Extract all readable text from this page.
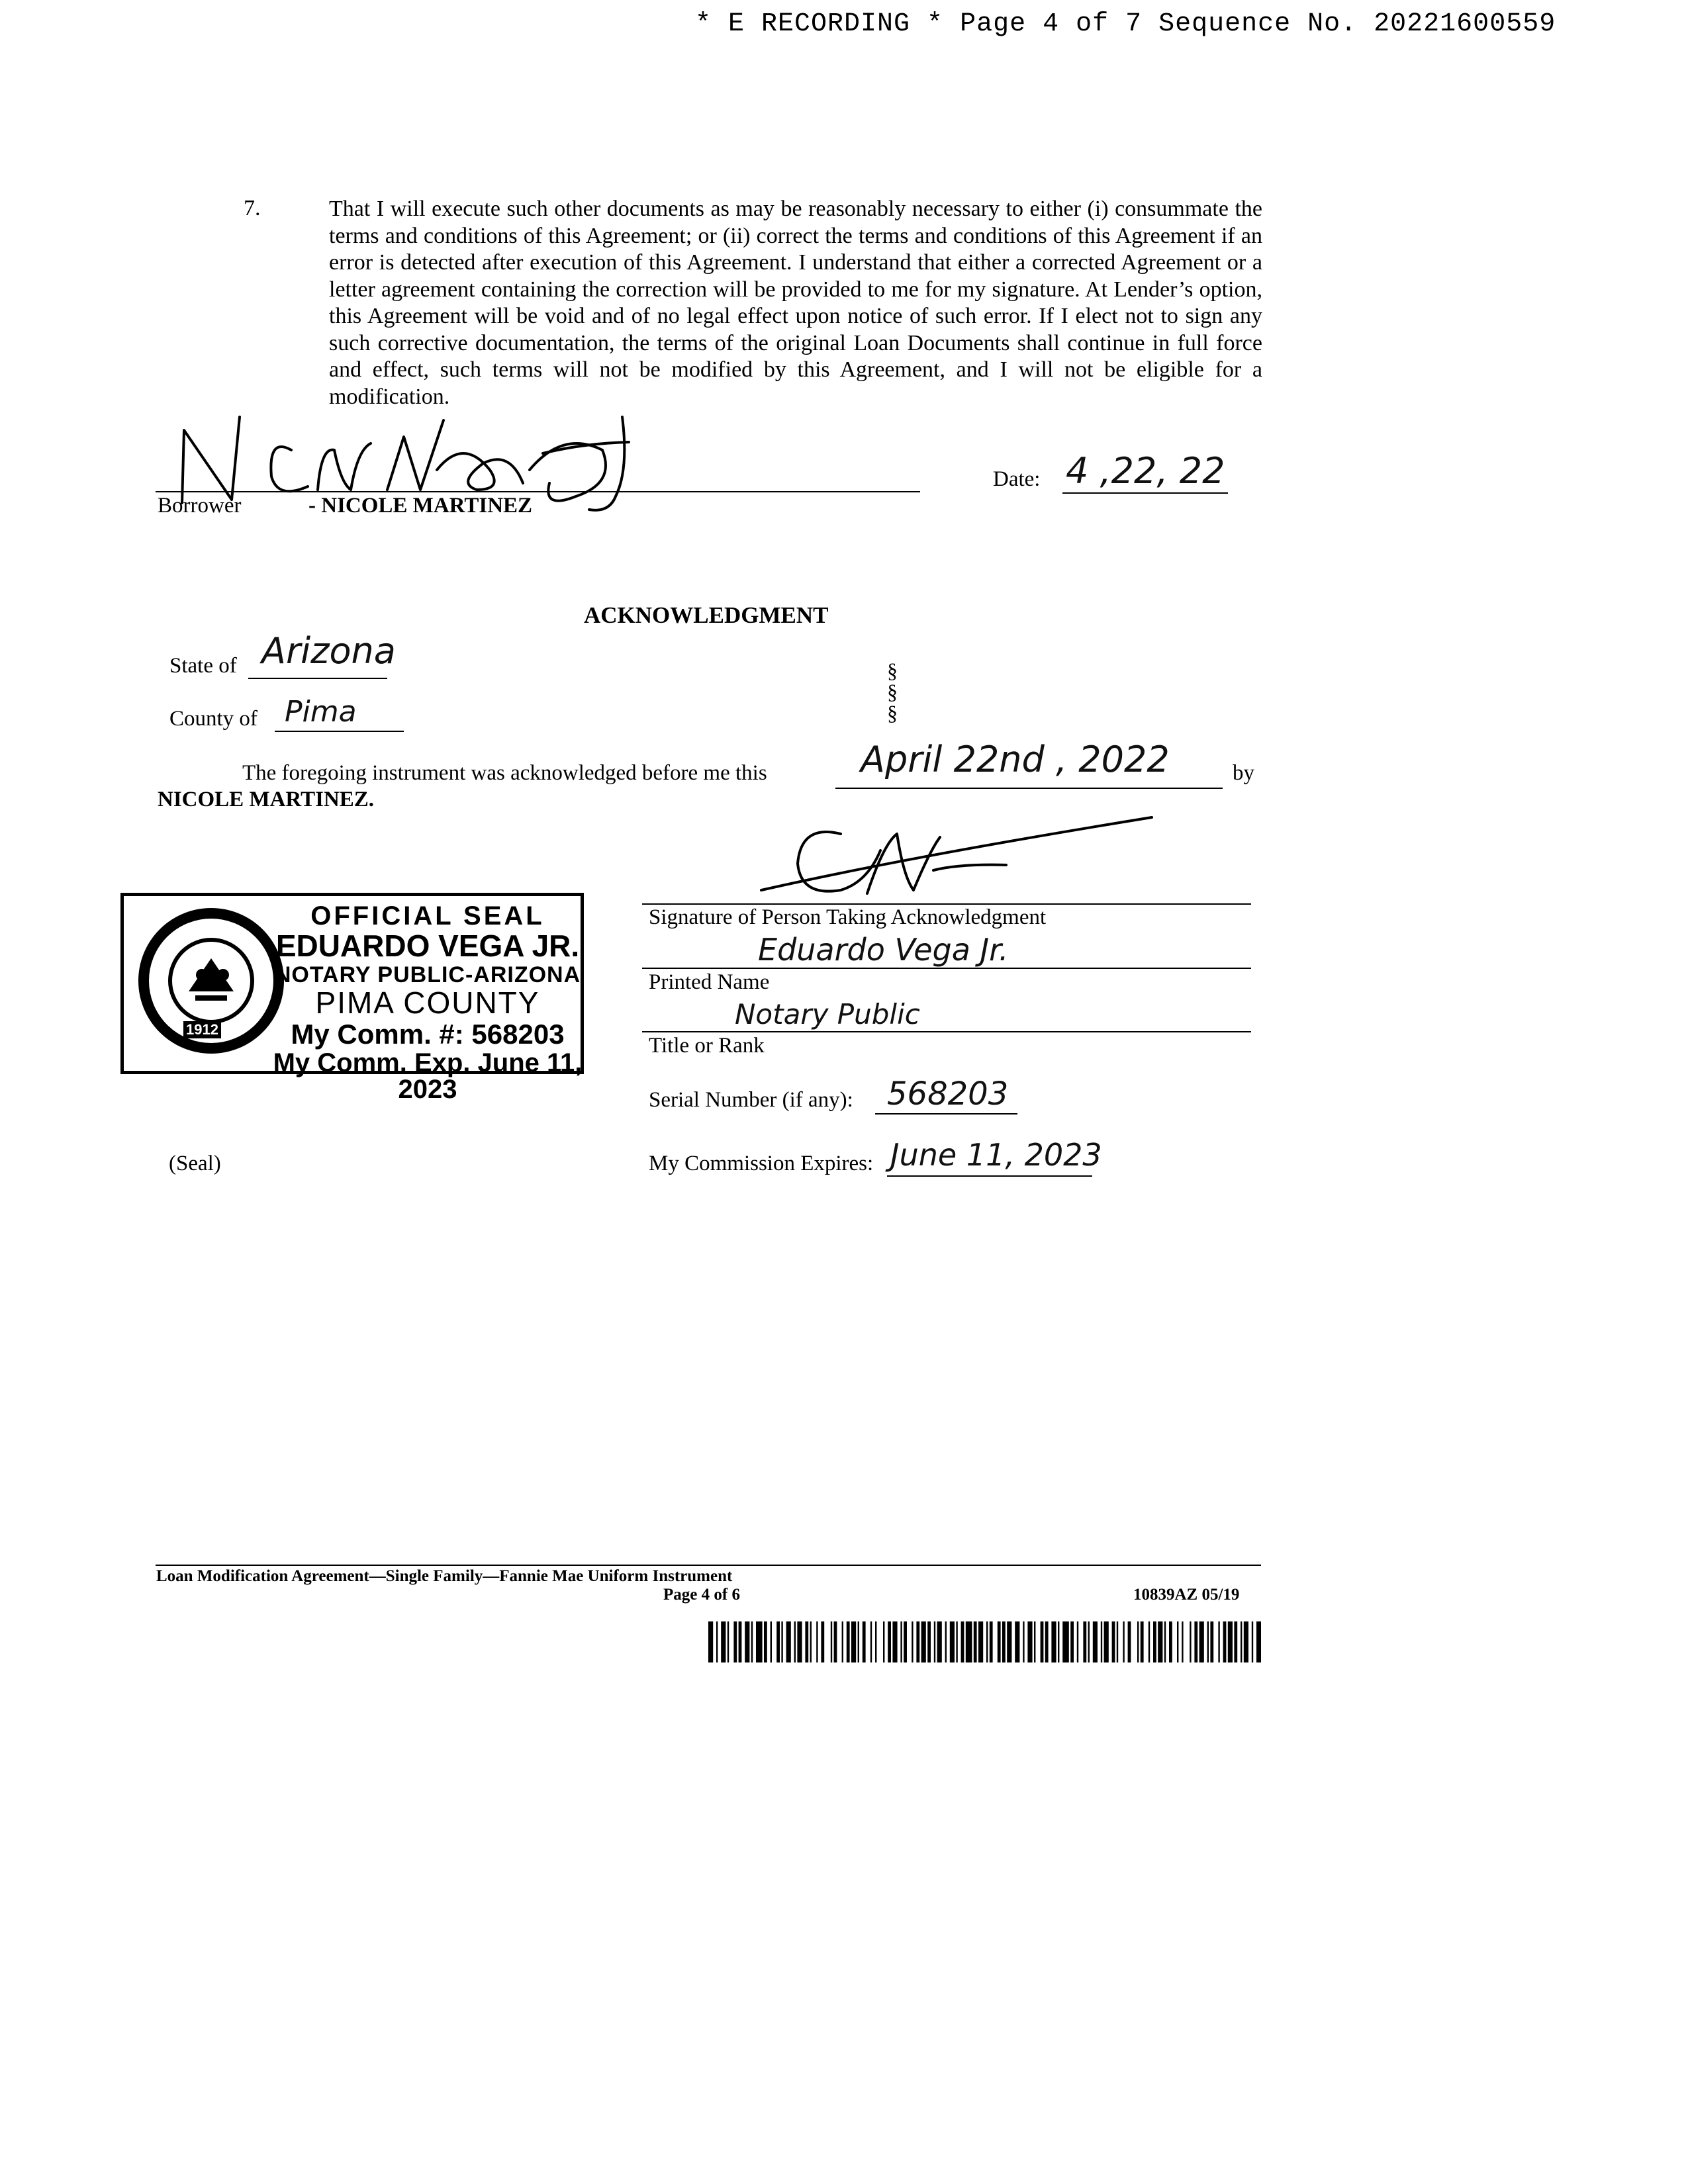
* E RECORDING * Page 4 of 7 Sequence No. 20221600559
7.	That I will execute such other documents as may be reasonably necessary to either (i) consummate the terms and conditions of this Agreement; or (ii) correct the terms and conditions of this Agreement if an error is detected after execution of this Agreement. I understand that either a corrected Agreement or a letter agreement containing the correction will be provided to me for my signature. At Lender’s option, this Agreement will be void and of no legal effect upon notice of such error. If I elect not to sign any such corrective documentation, the terms of the original Loan Documents shall continue in full force and effect, such terms will not be modified by this Agreement, and I will not be eligible for a modification.
Borrower	- NICOLE MARTINEZ
Date: 4 ,22, 22
ACKNOWLEDGMENT
State of Arizona
County of Pima
§
§
§
The foregoing instrument was acknowledged before me this	April 22nd , 2022	by
NICOLE MARTINEZ.
Signature of Person Taking Acknowledgment
Eduardo Vega Jr.
Printed Name
Notary Public
Title or Rank
Serial Number (if any): 568203
My Commission Expires: June 11, 2023
1912
OFFICIAL SEAL
EDUARDO VEGA JR.
NOTARY PUBLIC-ARIZONA
PIMA COUNTY
My Comm. #: 568203
My Comm. Exp. June 11, 2023
(Seal)
Loan Modification Agreement—Single Family—Fannie Mae Uniform Instrument
Page 4 of 6	10839AZ 05/19
